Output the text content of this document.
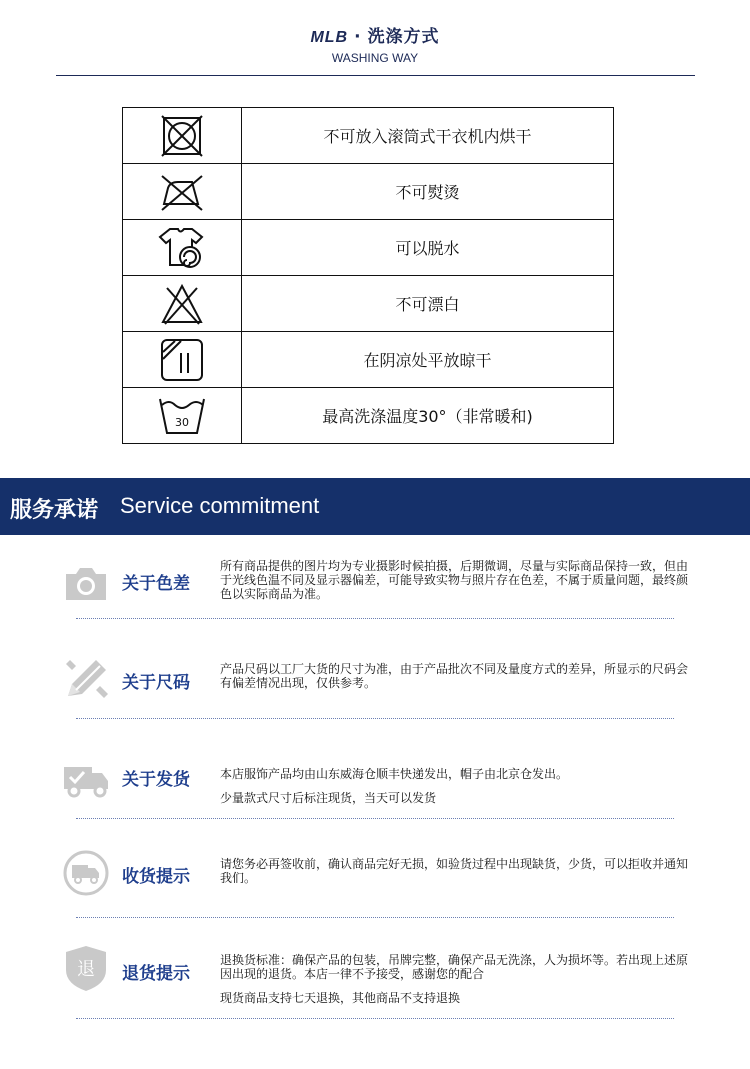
MLB · 洗涤方式
WASHING WAY
	不可放入滚筒式干衣机内烘干

	不可熨烫

	可以脱水

	不可漂白

	在阴凉处平放晾干

30	最高洗涤温度30°（非常暖和)
服务承诺 Service commitment
关于色差

所有商品提供的图片均为专业摄影时候拍摄，后期微调，尽量与实际商品保持一致，但由于光线色温不同及显示器偏差，可能导致实物与照片存在色差，不属于质量问题，最终颜色以实际商品为准。

关于尺码

产品尺码以工厂大货的尺寸为准，由于产品批次不同及量度方式的差异，所显示的尺码会有偏差情况出现，仅供参考。

关于发货	本店服饰产品均由山东威海仓顺丰快递发出，帽子由北京仓发出。

少量款式尺寸后标注现货，当天可以发货

收货提示

请您务必再签收前，确认商品完好无损，如验货过程中出现缺货，少货，可以拒收并通知我们。

退 退货提示

退换货标准：确保产品的包装，吊牌完整，确保产品无洗涤，人为损坏等。若出现上述原因出现的退货。本店一律不予接受，感谢您的配合

现货商品支持七天退换，其他商品不支持退换
